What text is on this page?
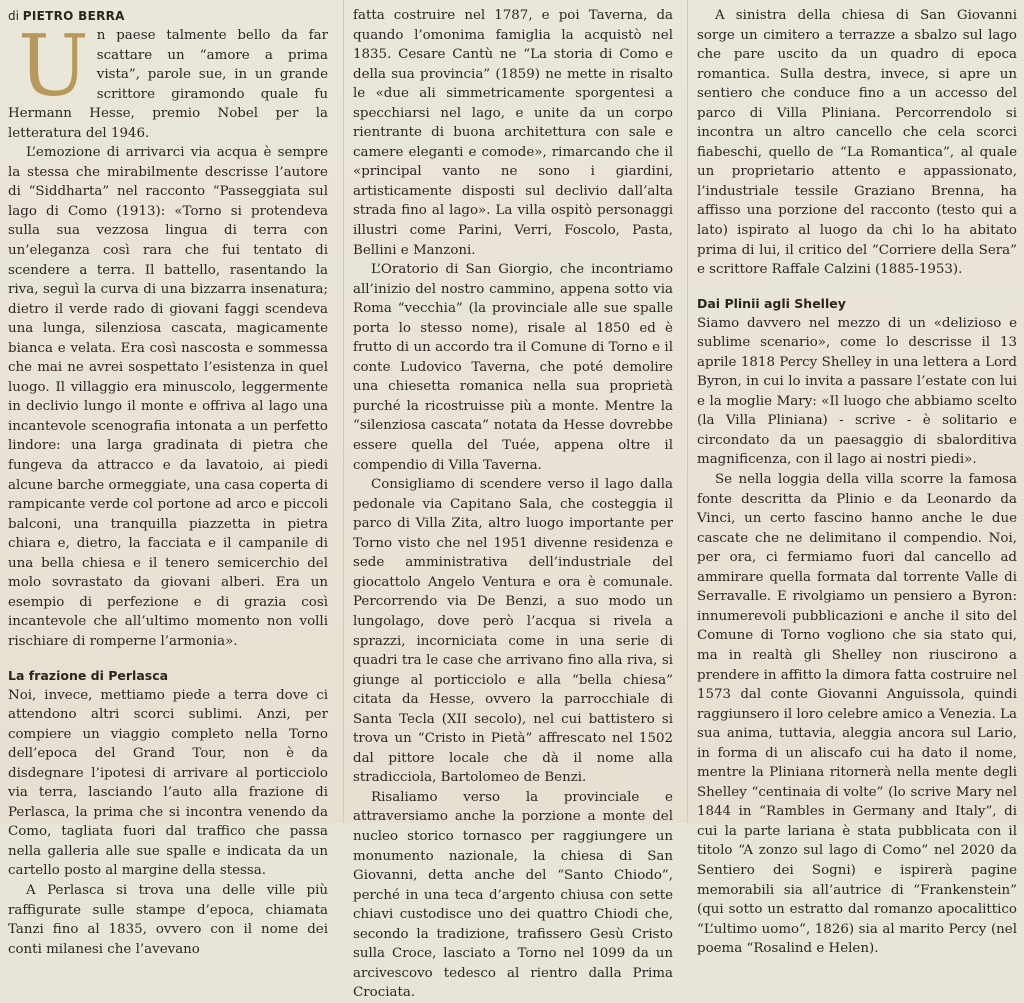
di PIETRO BERRA

Un paese talmente bello da far scattare un “amore a prima vista”, parole sue, in un grande scrittore giramondo quale fu Hermann Hesse, premio Nobel per la letteratura del 1946.

L’emozione di arrivarci via acqua è sempre la stessa che mirabilmente descrisse l’autore di “Siddharta” nel racconto “Passeggiata sul lago di Como (1913): «Torno si protendeva sulla sua vezzosa lingua di terra con un’eleganza così rara che fui tentato di scendere a terra. Il battello, rasentando la riva, seguì la curva di una bizzarra insenatura; dietro il verde rado di giovani faggi scendeva una lunga, silenziosa cascata, magicamente bianca e velata. Era così nascosta e sommessa che mai ne avrei sospettato l’esistenza in quel luogo. Il villaggio era minuscolo, leggermente in declivio lungo il monte e offriva al lago una incantevole scenografia intonata a un perfetto lindore: una larga gradinata di pietra che fungeva da attracco e da lavatoio, ai piedi alcune barche ormeggiate, una casa coperta di rampicante verde col portone ad arco e piccoli balconi, una tranquilla piazzetta in pietra chiara e, dietro, la facciata e il campanile di una bella chiesa e il tenero semicerchio del molo sovrastato da giovani alberi. Era un esempio di perfezione e di grazia così incantevole che all’ultimo momento non volli rischiare di romperne l’armonia».

La frazione di Perlasca

Noi, invece, mettiamo piede a terra dove ci attendono altri scorci sublimi. Anzi, per compiere un viaggio completo nella Torno dell’epoca del Grand Tour, non è da disdegnare l’ipotesi di arrivare al porticciolo via terra, lasciando l’auto alla frazione di Perlasca, la prima che si incontra venendo da Como, tagliata fuori dal traffico che passa nella galleria alle sue spalle e indicata da un cartello posto al margine della stessa.

A Perlasca si trova una delle ville più raffigurate sulle stampe d’epoca, chiamata Tanzi fino al 1835, ovvero con il nome dei conti milanesi che l’avevano

fatta costruire nel 1787, e poi Taverna, da quando l’omonima famiglia la acquistò nel 1835. Cesare Cantù ne “La storia di Como e della sua provincia” (1859) ne mette in risalto le «due ali simmetricamente sporgentesi a specchiarsi nel lago, e unite da un corpo rientrante di buona architettura con sale e camere eleganti e comode», rimarcando che il «principal vanto ne sono i giardini, artisticamente disposti sul declivio dall’alta strada fino al lago». La villa ospitò personaggi illustri come Parini, Verri, Foscolo, Pasta, Bellini e Manzoni.

L’Oratorio di San Giorgio, che incontriamo all’inizio del nostro cammino, appena sotto via Roma “vecchia” (la provinciale alle sue spalle porta lo stesso nome), risale al 1850 ed è frutto di un accordo tra il Comune di Torno e il conte Ludovico Taverna, che poté demolire una chiesetta romanica nella sua proprietà purché la ricostruisse più a monte. Mentre la “silenziosa cascata” notata da Hesse dovrebbe essere quella del Tuée, appena oltre il compendio di Villa Taverna.

Consigliamo di scendere verso il lago dalla pedonale via Capitano Sala, che costeggia il parco di Villa Zita, altro luogo importante per Torno visto che nel 1951 divenne residenza e sede amministrativa dell’industriale del giocattolo Angelo Ventura e ora è comunale. Percorrendo via De Benzi, a suo modo un lungolago, dove però l’acqua si rivela a sprazzi, incorniciata come in una serie di quadri tra le case che arrivano fino alla riva, si giunge al porticciolo e alla “bella chiesa” citata da Hesse, ovvero la parrocchiale di Santa Tecla (XII secolo), nel cui battistero si trova un “Cristo in Pietà” affrescato nel 1502 dal pittore locale che dà il nome alla stradicciola, Bartolomeo de Benzi.

Risaliamo verso la provinciale e attraversiamo anche la porzione a monte del nucleo storico tornasco per raggiungere un monumento nazionale, la chiesa di San Giovanni, detta anche del “Santo Chiodo”, perché in una teca d’argento chiusa con sette chiavi custodisce uno dei quattro Chiodi che, secondo la tradizione, trafissero Gesù Cristo sulla Croce, lasciato a Torno nel 1099 da un arcivescovo tedesco al rientro dalla Prima Crociata.

A sinistra della chiesa di San Giovanni sorge un cimitero a terrazze a sbalzo sul lago che pare uscito da un quadro di epoca romantica. Sulla destra, invece, si apre un sentiero che conduce fino a un accesso del parco di Villa Pliniana. Percorrendolo si incontra un altro cancello che cela scorci fiabeschi, quello de “La Romantica”, al quale un proprietario attento e appassionato, l’industriale tessile Graziano Brenna, ha affisso una porzione del racconto (testo qui a lato) ispirato al luogo da chi lo ha abitato prima di lui, il critico del “Corriere della Sera” e scrittore Raffale Calzini (1885-1953).

Dai Plinii agli Shelley

Siamo davvero nel mezzo di un «delizioso e sublime scenario», come lo descrisse il 13 aprile 1818 Percy Shelley in una lettera a Lord Byron, in cui lo invita a passare l’estate con lui e la moglie Mary: «Il luogo che abbiamo scelto (la Villa Pliniana) - scrive - è solitario e circondato da un paesaggio di sbalorditiva magnificenza, con il lago ai nostri piedi».

Se nella loggia della villa scorre la famosa fonte descritta da Plinio e da Leonardo da Vinci, un certo fascino hanno anche le due cascate che ne delimitano il compendio. Noi, per ora, ci fermiamo fuori dal cancello ad ammirare quella formata dal torrente Valle di Serravalle. E rivolgiamo un pensiero a Byron: innumerevoli pubblicazioni e anche il sito del Comune di Torno vogliono che sia stato qui, ma in realtà gli Shelley non riuscirono a prendere in affitto la dimora fatta costruire nel 1573 dal conte Giovanni Anguissola, quindi raggiunsero il loro celebre amico a Venezia. La sua anima, tuttavia, aleggia ancora sul Lario, in forma di un aliscafo cui ha dato il nome, mentre la Pliniana ritornerà nella mente degli Shelley “centinaia di volte” (lo scrive Mary nel 1844 in “Rambles in Germany and Italy”, di cui la parte lariana è stata pubblicata con il titolo “A zonzo sul lago di Como” nel 2020 da Sentiero dei Sogni) e ispirerà pagine memorabili sia all’autrice di “Frankenstein” (qui sotto un estratto dal romanzo apocalittico “L’ultimo uomo”, 1826) sia al marito Percy (nel poema “Rosalind e Helen).
